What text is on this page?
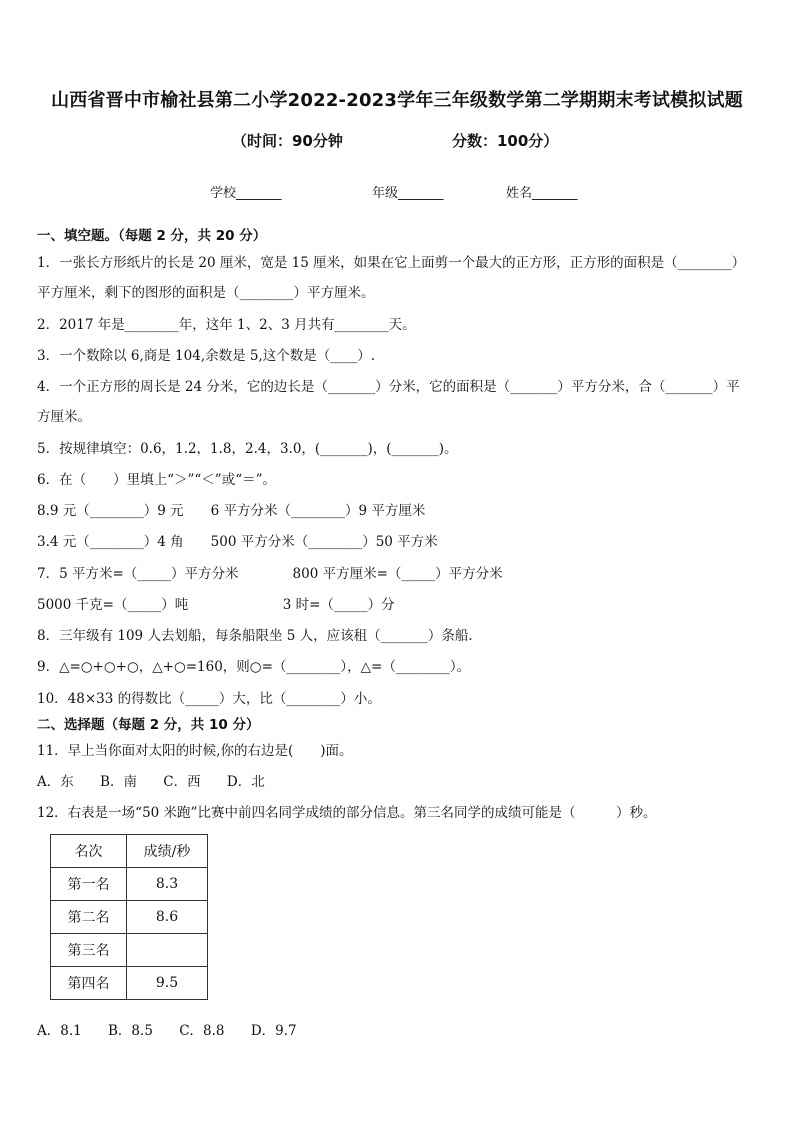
山西省晋中市榆社县第二小学2022-2023学年三年级数学第二学期期末考试模拟试题
（时间：90分钟	分数：100分）
学校_______	年级_______	姓名_______
一、填空题。（每题 2 分，共 20 分）
1．一张长方形纸片的长是 20 厘米，宽是 15 厘米，如果在它上面剪一个最大的正方形，正方形的面积是（________）
平方厘米，剩下的图形的面积是（________）平方厘米。
2．2017 年是________年，这年 1、2、3 月共有________天。
3．一个数除以 6,商是 104,余数是 5,这个数是（____）.
4．一个正方形的周长是 24 分米，它的边长是（_______）分米，它的面积是（_______）平方分米，合（_______）平
方厘米。
5．按规律填空：0.6，1.2，1.8，2.4，3.0，(_______)，(_______)。
6．在（　　）里填上“＞”“＜”或“＝”。
8.9 元（________）9 元　　6 平方分米（________）9 平方厘米
3.4 元（________）4 角　　500 平方分米（________）50 平方米
7．5 平方米=（_____）平方分米　　　　800 平方厘米=（_____）平方分米
5000 千克=（_____）吨　　　　　　　3 时=（_____）分
8．三年级有 109 人去划船，每条船限坐 5 人，应该租（_______）条船．
9．△=○+○+○，△+○=160，则○=（________），△=（________）。
10．48×33 的得数比（_____）大，比（________）小。
二、选择题（每题 2 分，共 10 分）
11．早上当你面对太阳的时候,你的右边是(　　)面。
A．东 B．南 C．西 D．北
12．右表是一场“50 米跑”比赛中前四名同学成绩的部分信息。第三名同学的成绩可能是（　　　）秒。
名次	成绩/秒
第一名	8.3
第二名	8.6
第三名	
第四名	9.5
A．8.1 B．8.5 C．8.8 D．9.7
